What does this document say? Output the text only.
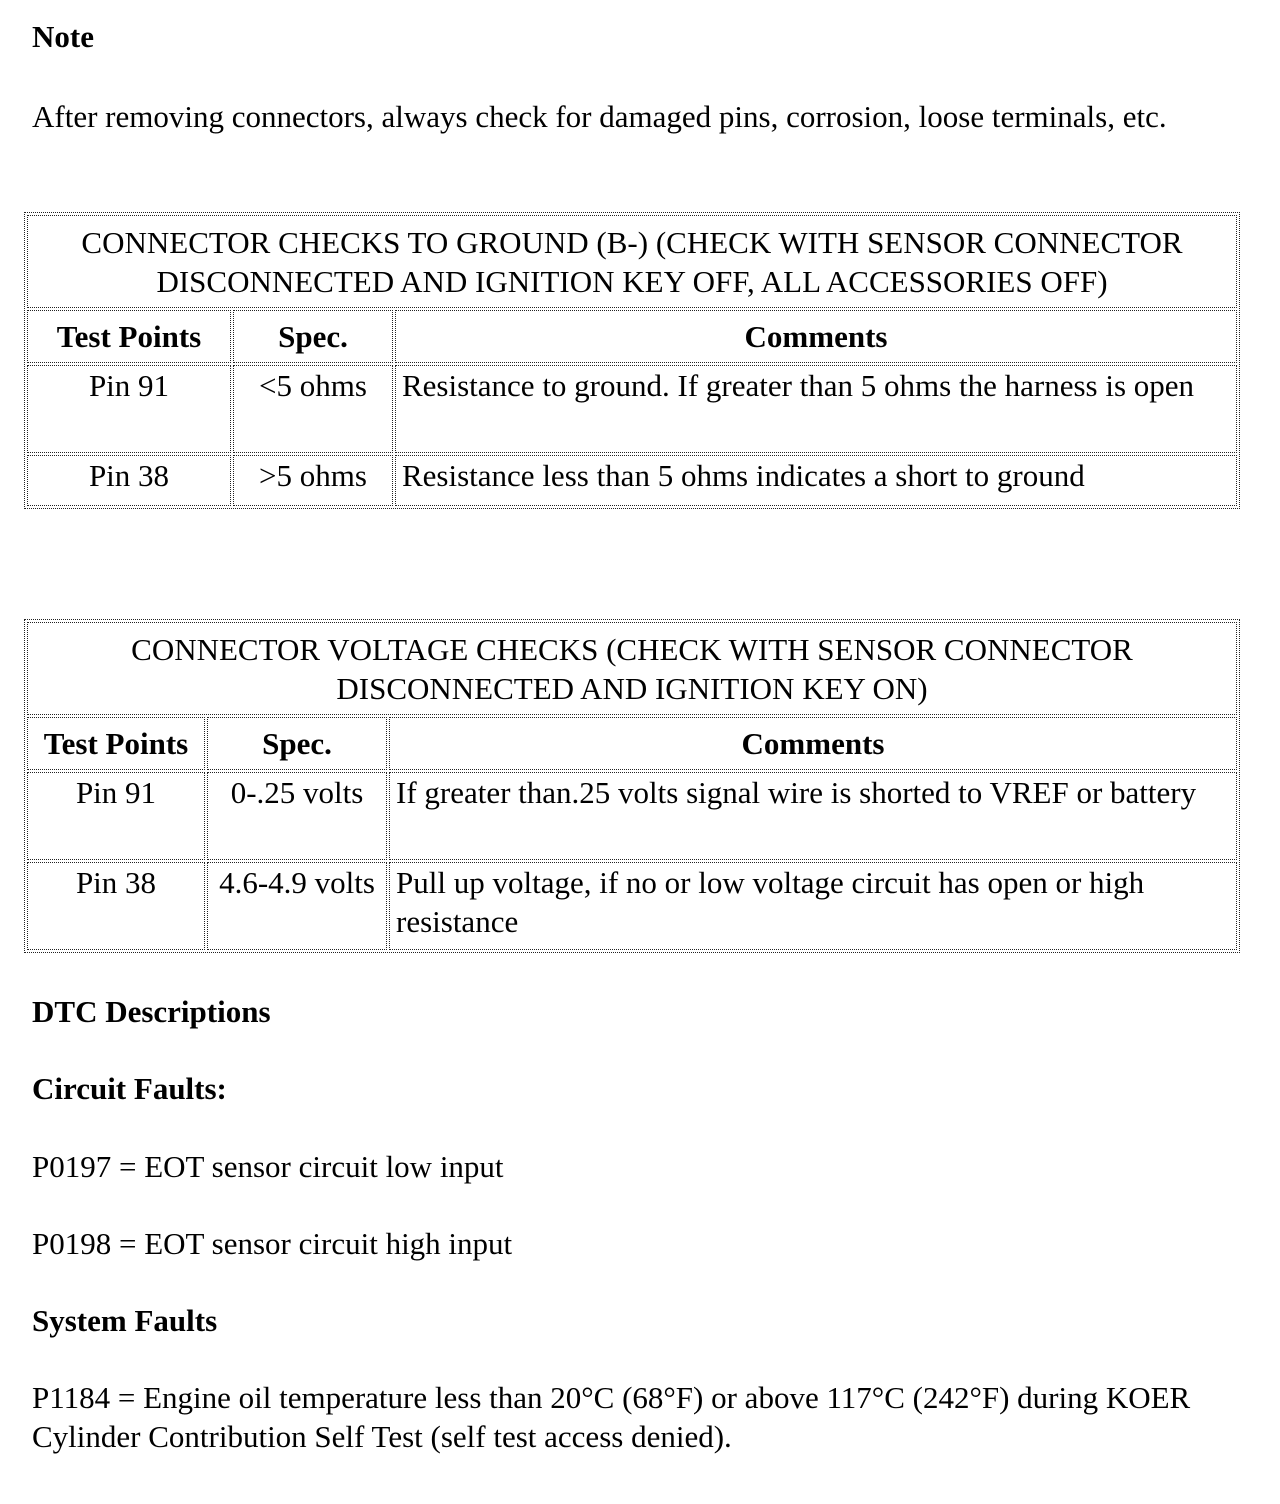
Note
After removing connectors, always check for damaged pins, corrosion, loose terminals, etc.
CONNECTOR CHECKS TO GROUND (B-) (CHECK WITH SENSOR CONNECTOR DISCONNECTED AND IGNITION KEY OFF, ALL ACCESSORIES OFF)		
Test Points	Spec.	Comments
Pin 91	<5 ohms	Resistance to ground. If greater than 5 ohms the harness is open
Pin 38	>5 ohms	Resistance less than 5 ohms indicates a short to ground
CONNECTOR VOLTAGE CHECKS (CHECK WITH SENSOR CONNECTOR DISCONNECTED AND IGNITION KEY ON)		
Test Points	Spec.	Comments
Pin 91	0-.25 volts	If greater than.25 volts signal wire is shorted to VREF or battery
Pin 38	4.6-4.9 volts	Pull up voltage, if no or low voltage circuit has open or high resistance
DTC Descriptions
Circuit Faults:
P0197 = EOT sensor circuit low input
P0198 = EOT sensor circuit high input
System Faults
P1184 = Engine oil temperature less than 20°C (68°F) or above 117°C (242°F) during KOER Cylinder Contribution Self Test (self test access denied).
